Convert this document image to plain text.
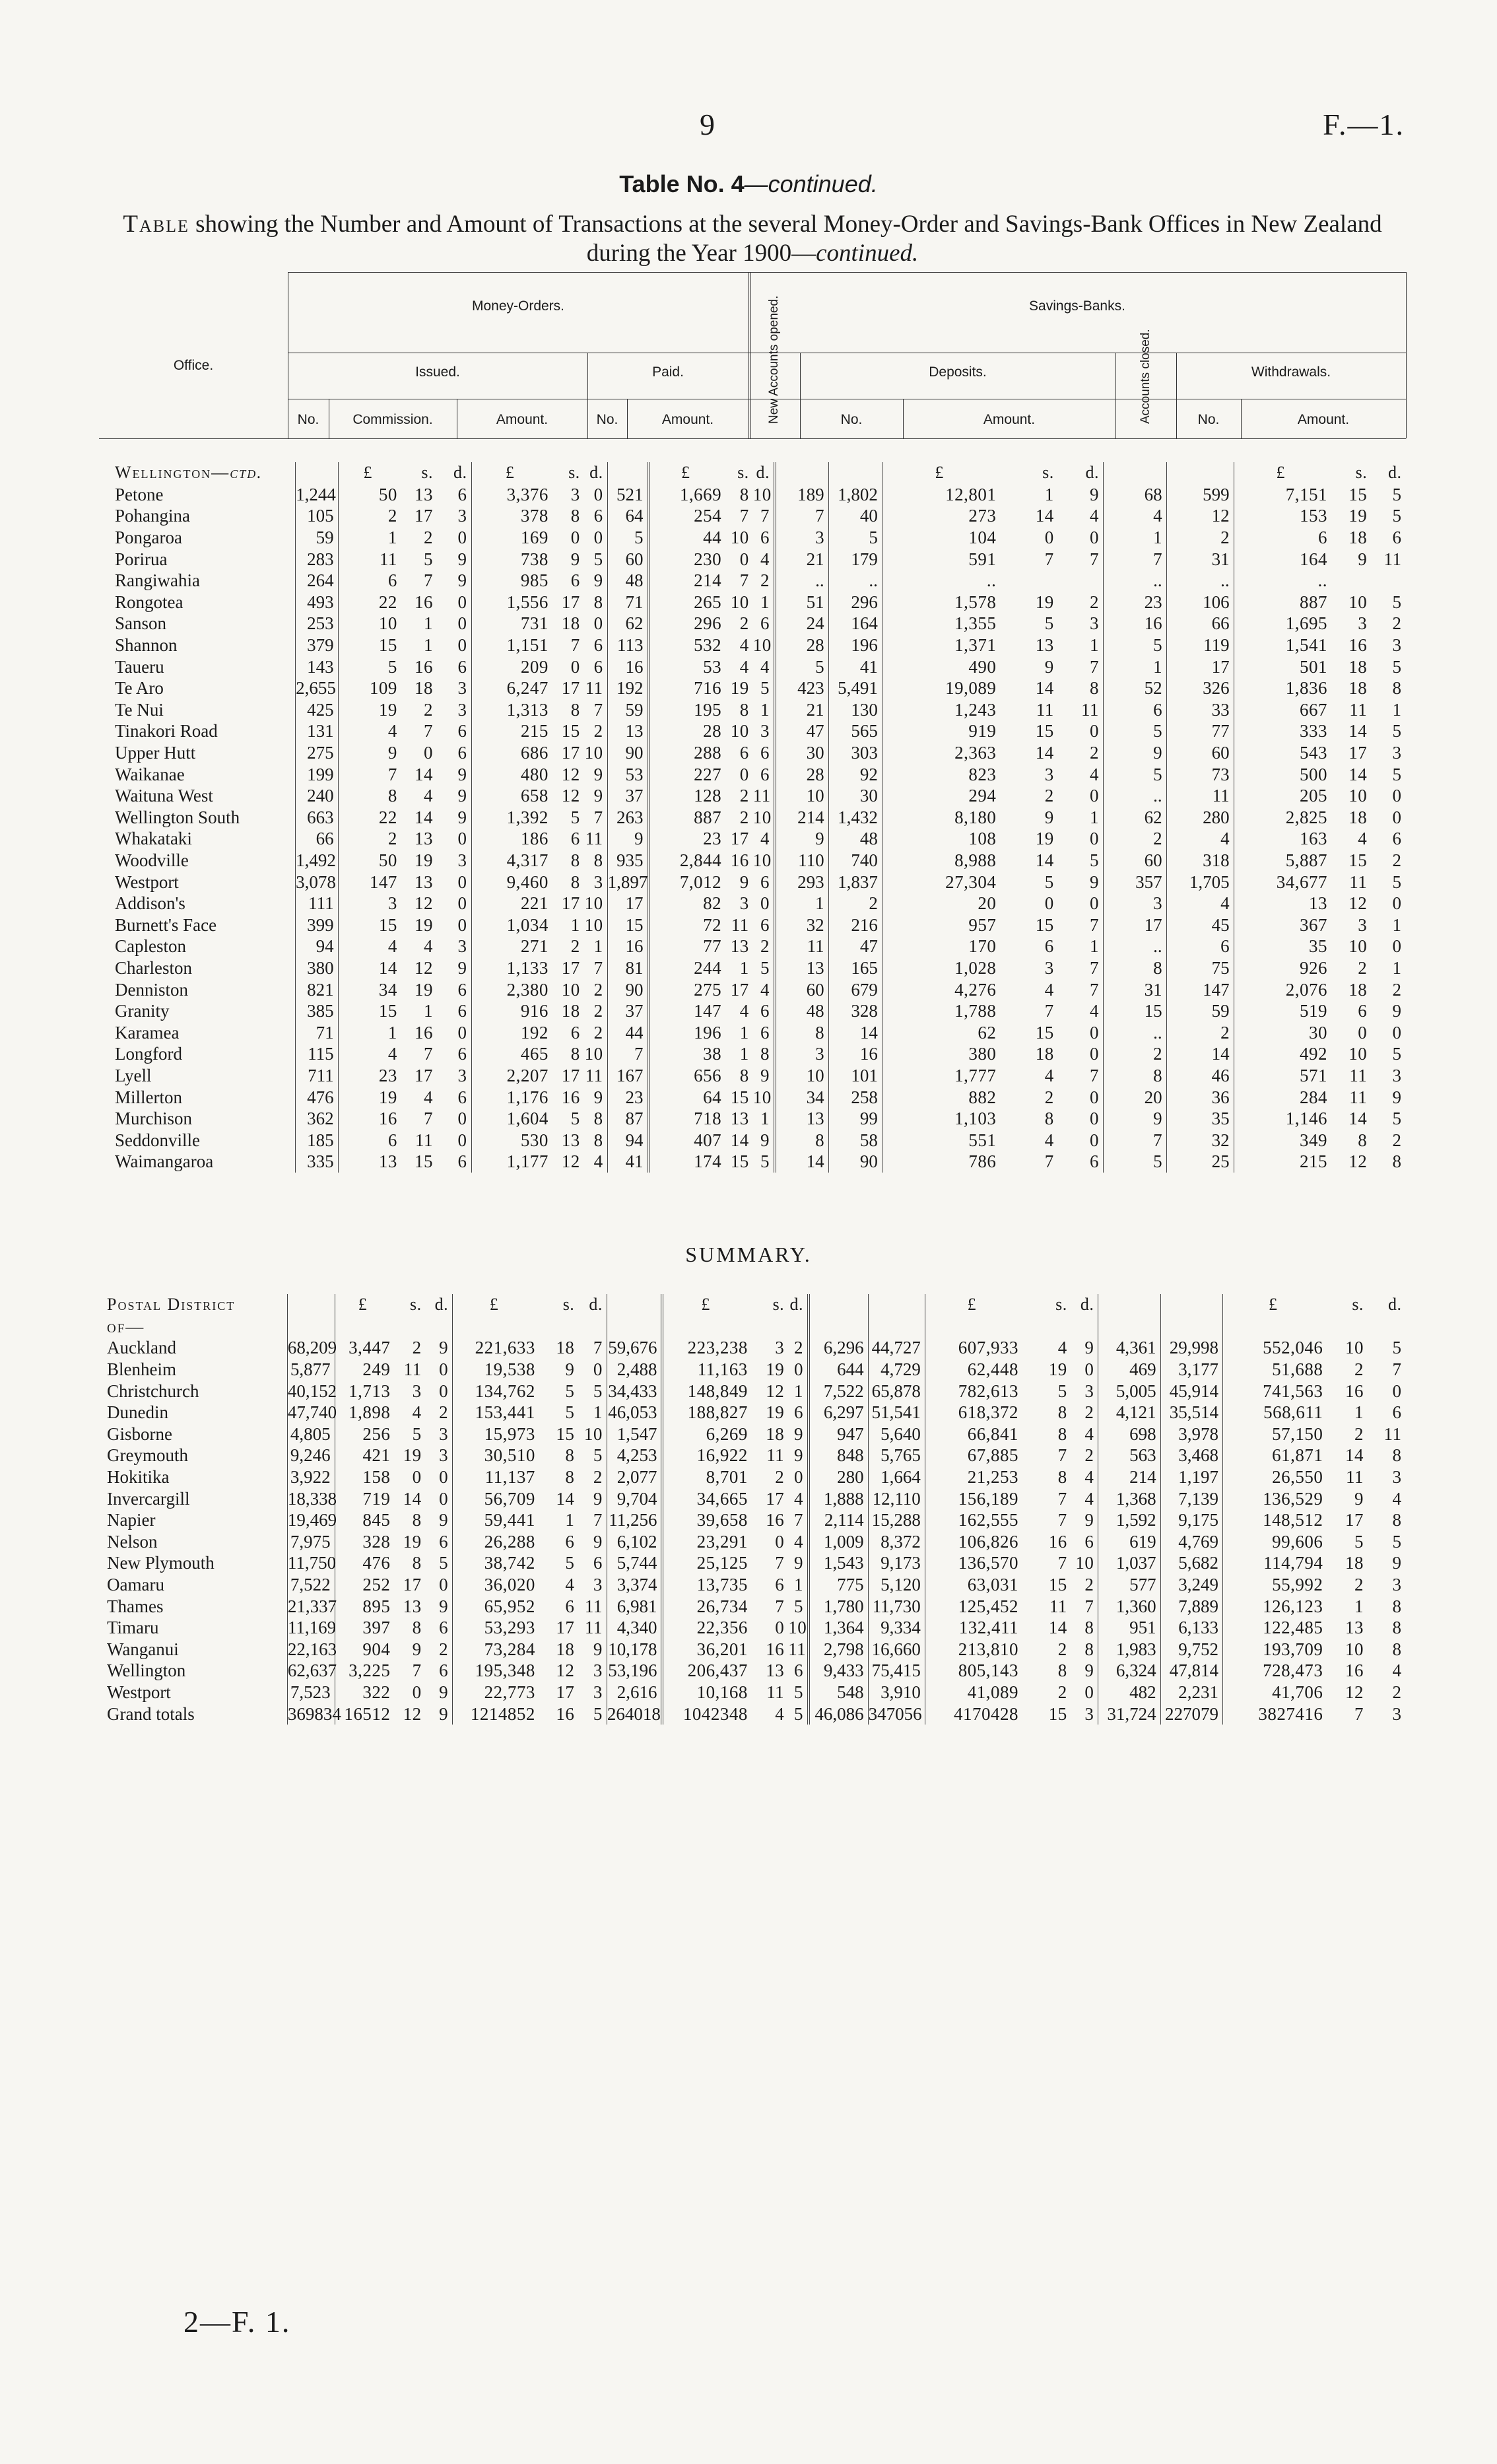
9	F.—1.
Table No. 4—continued.
Table showing the Number and Amount of Transactions at the several Money-Order and Savings-Bank Offices in New Zealand during the Year 1900—continued.
Office.
Money-Orders.	Savings-Banks.
Issued.	Paid.	New Accounts opened.	Deposits.	Accounts closed.	Withdrawals.
No.	Commission.	Amount.	No.	Amount.	No.	Amount.	No.	Amount.
Wellington—ctd.		£	s.	d.	£	s.	d.		£	s.	d.			£	s.	d.			£	s.	d.
Petone	1,244	50	13	6	3,376	3	0	521	1,669	8	10	189	1,802	12,801	1	9	68	599	7,151	15	5
Pohangina	105	2	17	3	378	8	6	64	254	7	7	7	40	273	14	4	4	12	153	19	5
Pongaroa	59	1	2	0	169	0	0	5	44	10	6	3	5	104	0	0	1	2	6	18	6
Porirua	283	11	5	9	738	9	5	60	230	0	4	21	179	591	7	7	7	31	164	9	11
Rangiwahia	264	6	7	9	985	6	9	48	214	7	2	..	..	..			..	..	..		
Rongotea	493	22	16	0	1,556	17	8	71	265	10	1	51	296	1,578	19	2	23	106	887	10	5
Sanson	253	10	1	0	731	18	0	62	296	2	6	24	164	1,355	5	3	16	66	1,695	3	2
Shannon	379	15	1	0	1,151	7	6	113	532	4	10	28	196	1,371	13	1	5	119	1,541	16	3
Taueru	143	5	16	6	209	0	6	16	53	4	4	5	41	490	9	7	1	17	501	18	5
Te Aro	2,655	109	18	3	6,247	17	11	192	716	19	5	423	5,491	19,089	14	8	52	326	1,836	18	8
Te Nui	425	19	2	3	1,313	8	7	59	195	8	1	21	130	1,243	11	11	6	33	667	11	1
Tinakori Road	131	4	7	6	215	15	2	13	28	10	3	47	565	919	15	0	5	77	333	14	5
Upper Hutt	275	9	0	6	686	17	10	90	288	6	6	30	303	2,363	14	2	9	60	543	17	3
Waikanae	199	7	14	9	480	12	9	53	227	0	6	28	92	823	3	4	5	73	500	14	5
Waituna West	240	8	4	9	658	12	9	37	128	2	11	10	30	294	2	0	..	11	205	10	0
Wellington South	663	22	14	9	1,392	5	7	263	887	2	10	214	1,432	8,180	9	1	62	280	2,825	18	0
Whakataki	66	2	13	0	186	6	11	9	23	17	4	9	48	108	19	0	2	4	163	4	6
Woodville	1,492	50	19	3	4,317	8	8	935	2,844	16	10	110	740	8,988	14	5	60	318	5,887	15	2
Westport	3,078	147	13	0	9,460	8	3	1,897	7,012	9	6	293	1,837	27,304	5	9	357	1,705	34,677	11	5
Addison's	111	3	12	0	221	17	10	17	82	3	0	1	2	20	0	0	3	4	13	12	0
Burnett's Face	399	15	19	0	1,034	1	10	15	72	11	6	32	216	957	15	7	17	45	367	3	1
Capleston	94	4	4	3	271	2	1	16	77	13	2	11	47	170	6	1	..	6	35	10	0
Charleston	380	14	12	9	1,133	17	7	81	244	1	5	13	165	1,028	3	7	8	75	926	2	1
Denniston	821	34	19	6	2,380	10	2	90	275	17	4	60	679	4,276	4	7	31	147	2,076	18	2
Granity	385	15	1	6	916	18	2	37	147	4	6	48	328	1,788	7	4	15	59	519	6	9
Karamea	71	1	16	0	192	6	2	44	196	1	6	8	14	62	15	0	..	2	30	0	0
Longford	115	4	7	6	465	8	10	7	38	1	8	3	16	380	18	0	2	14	492	10	5
Lyell	711	23	17	3	2,207	17	11	167	656	8	9	10	101	1,777	4	7	8	46	571	11	3
Millerton	476	19	4	6	1,176	16	9	23	64	15	10	34	258	882	2	0	20	36	284	11	9
Murchison	362	16	7	0	1,604	5	8	87	718	13	1	13	99	1,103	8	0	9	35	1,146	14	5
Seddonville	185	6	11	0	530	13	8	94	407	14	9	8	58	551	4	0	7	32	349	8	2
Waimangaroa	335	13	15	6	1,177	12	4	41	174	15	5	14	90	786	7	6	5	25	215	12	8
SUMMARY.
Postal District		£	s.	d.	£	s.	d.		£	s.	d.			£	s.	d.			£	s.	d.
of—																					
Auckland	68,209	3,447	2	9	221,633	18	7	59,676	223,238	3	2	6,296	44,727	607,933	4	9	4,361	29,998	552,046	10	5
Blenheim	5,877	249	11	0	19,538	9	0	2,488	11,163	19	0	644	4,729	62,448	19	0	469	3,177	51,688	2	7
Christchurch	40,152	1,713	3	0	134,762	5	5	34,433	148,849	12	1	7,522	65,878	782,613	5	3	5,005	45,914	741,563	16	0
Dunedin	47,740	1,898	4	2	153,441	5	1	46,053	188,827	19	6	6,297	51,541	618,372	8	2	4,121	35,514	568,611	1	6
Gisborne	4,805	256	5	3	15,973	15	10	1,547	6,269	18	9	947	5,640	66,841	8	4	698	3,978	57,150	2	11
Greymouth	9,246	421	19	3	30,510	8	5	4,253	16,922	11	9	848	5,765	67,885	7	2	563	3,468	61,871	14	8
Hokitika	3,922	158	0	0	11,137	8	2	2,077	8,701	2	0	280	1,664	21,253	8	4	214	1,197	26,550	11	3
Invercargill	18,338	719	14	0	56,709	14	9	9,704	34,665	17	4	1,888	12,110	156,189	7	4	1,368	7,139	136,529	9	4
Napier	19,469	845	8	9	59,441	1	7	11,256	39,658	16	7	2,114	15,288	162,555	7	9	1,592	9,175	148,512	17	8
Nelson	7,975	328	19	6	26,288	6	9	6,102	23,291	0	4	1,009	8,372	106,826	16	6	619	4,769	99,606	5	5
New Plymouth	11,750	476	8	5	38,742	5	6	5,744	25,125	7	9	1,543	9,173	136,570	7	10	1,037	5,682	114,794	18	9
Oamaru	7,522	252	17	0	36,020	4	3	3,374	13,735	6	1	775	5,120	63,031	15	2	577	3,249	55,992	2	3
Thames	21,337	895	13	9	65,952	6	11	6,981	26,734	7	5	1,780	11,730	125,452	11	7	1,360	7,889	126,123	1	8
Timaru	11,169	397	8	6	53,293	17	11	4,340	22,356	0	10	1,364	9,334	132,411	14	8	951	6,133	122,485	13	8
Wanganui	22,163	904	9	2	73,284	18	9	10,178	36,201	16	11	2,798	16,660	213,810	2	8	1,983	9,752	193,709	10	8
Wellington	62,637	3,225	7	6	195,348	12	3	53,196	206,437	13	6	9,433	75,415	805,143	8	9	6,324	47,814	728,473	16	4
Westport	7,523	322	0	9	22,773	17	3	2,616	10,168	11	5	548	3,910	41,089	2	0	482	2,231	41,706	12	2
Grand totals	369834	16512	12	9	1214852	16	5	264018	1042348	4	5	46,086	347056	4170428	15	3	31,724	227079	3827416	7	3
2—F. 1.
